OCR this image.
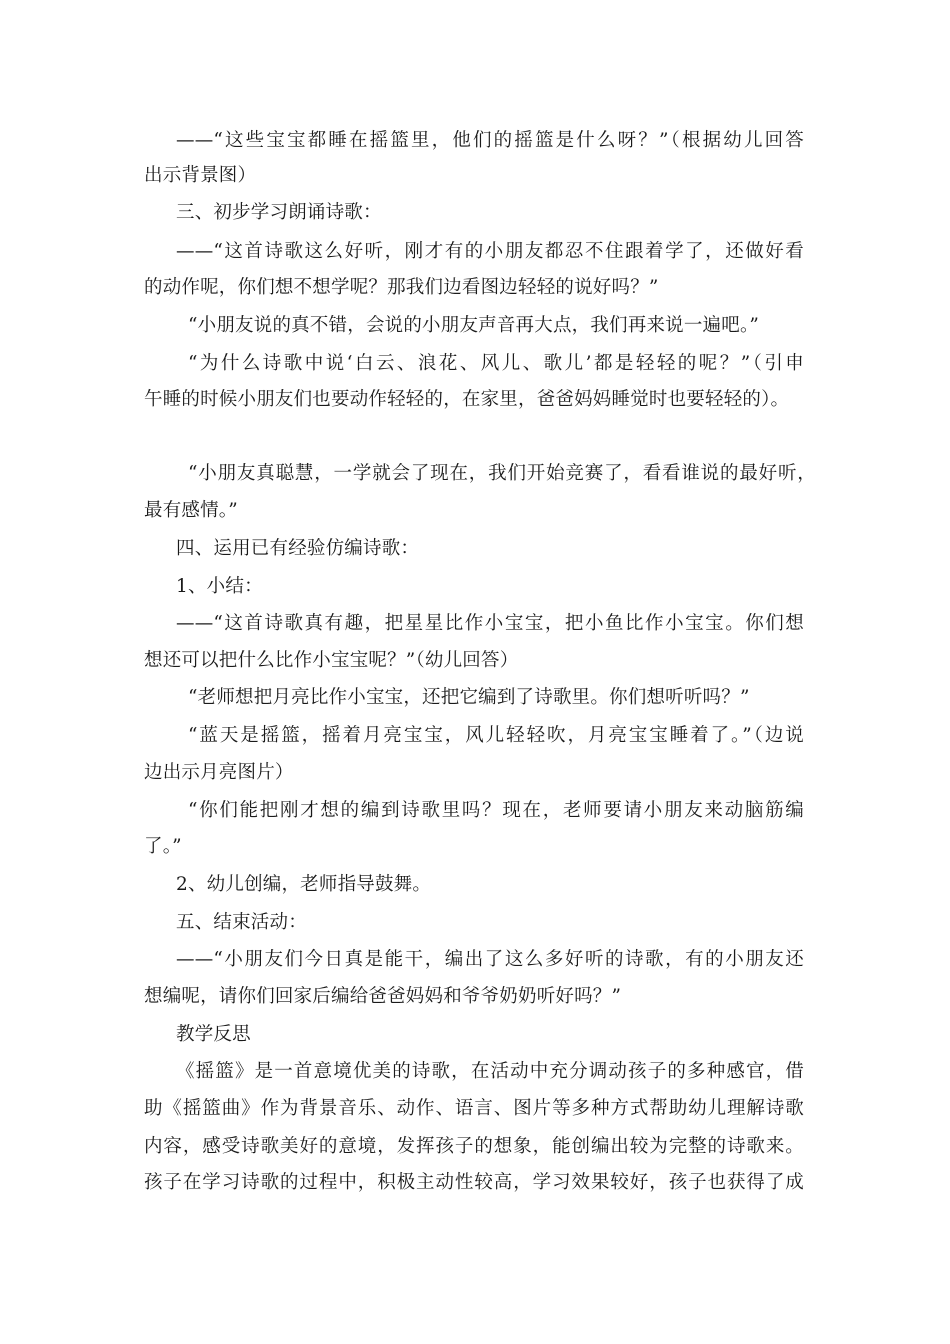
——“这些宝宝都睡在摇篮里，他们的摇篮是什么呀？”（根据幼儿回答
出示背景图）
三、初步学习朗诵诗歌：
——“这首诗歌这么好听，刚才有的小朋友都忍不住跟着学了，还做好看
的动作呢，你们想不想学呢？那我们边看图边轻轻的说好吗？”
“小朋友说的真不错，会说的小朋友声音再大点，我们再来说一遍吧。”
“为什么诗歌中说‘白云、浪花、风儿、歌儿’都是轻轻的呢？”（引申
午睡的时候小朋友们也要动作轻轻的，在家里，爸爸妈妈睡觉时也要轻轻的）。
“小朋友真聪慧，一学就会了现在，我们开始竞赛了，看看谁说的最好听，
最有感情。”
四、运用已有经验仿编诗歌：
1、小结：
——“这首诗歌真有趣，把星星比作小宝宝，把小鱼比作小宝宝。你们想
想还可以把什么比作小宝宝呢？”（幼儿回答）
“老师想把月亮比作小宝宝，还把它编到了诗歌里。你们想听听吗？”
“蓝天是摇篮，摇着月亮宝宝，风儿轻轻吹，月亮宝宝睡着了。”（边说
边出示月亮图片）
“你们能把刚才想的编到诗歌里吗？现在，老师要请小朋友来动脑筋编
了。”
2、幼儿创编，老师指导鼓舞。
五、结束活动：
——“小朋友们今日真是能干，编出了这么多好听的诗歌，有的小朋友还
想编呢，请你们回家后编给爸爸妈妈和爷爷奶奶听好吗？”
教学反思
《摇篮》是一首意境优美的诗歌，在活动中充分调动孩子的多种感官，借
助《摇篮曲》作为背景音乐、动作、语言、图片等多种方式帮助幼儿理解诗歌
内容，感受诗歌美好的意境，发挥孩子的想象，能创编出较为完整的诗歌来。
孩子在学习诗歌的过程中，积极主动性较高，学习效果较好，孩子也获得了成
